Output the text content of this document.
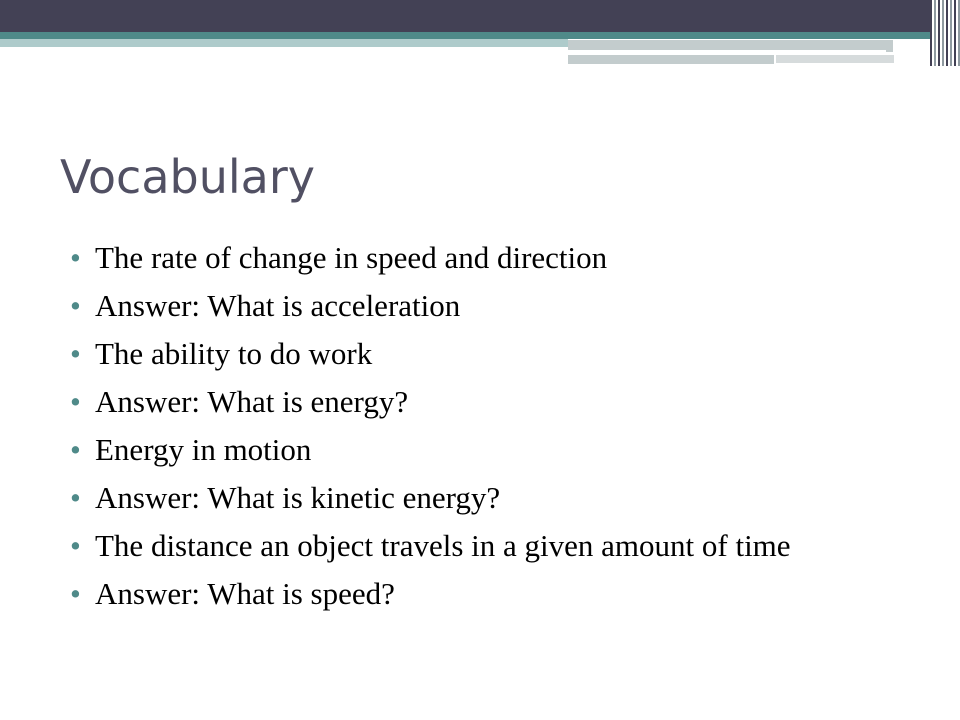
Vocabulary
• The rate of change in speed and direction
• Answer: What is acceleration
• The ability to do work
• Answer: What is energy?
• Energy in motion
• Answer: What is kinetic energy?
• The distance an object travels in a given amount of time
• Answer: What is speed?
